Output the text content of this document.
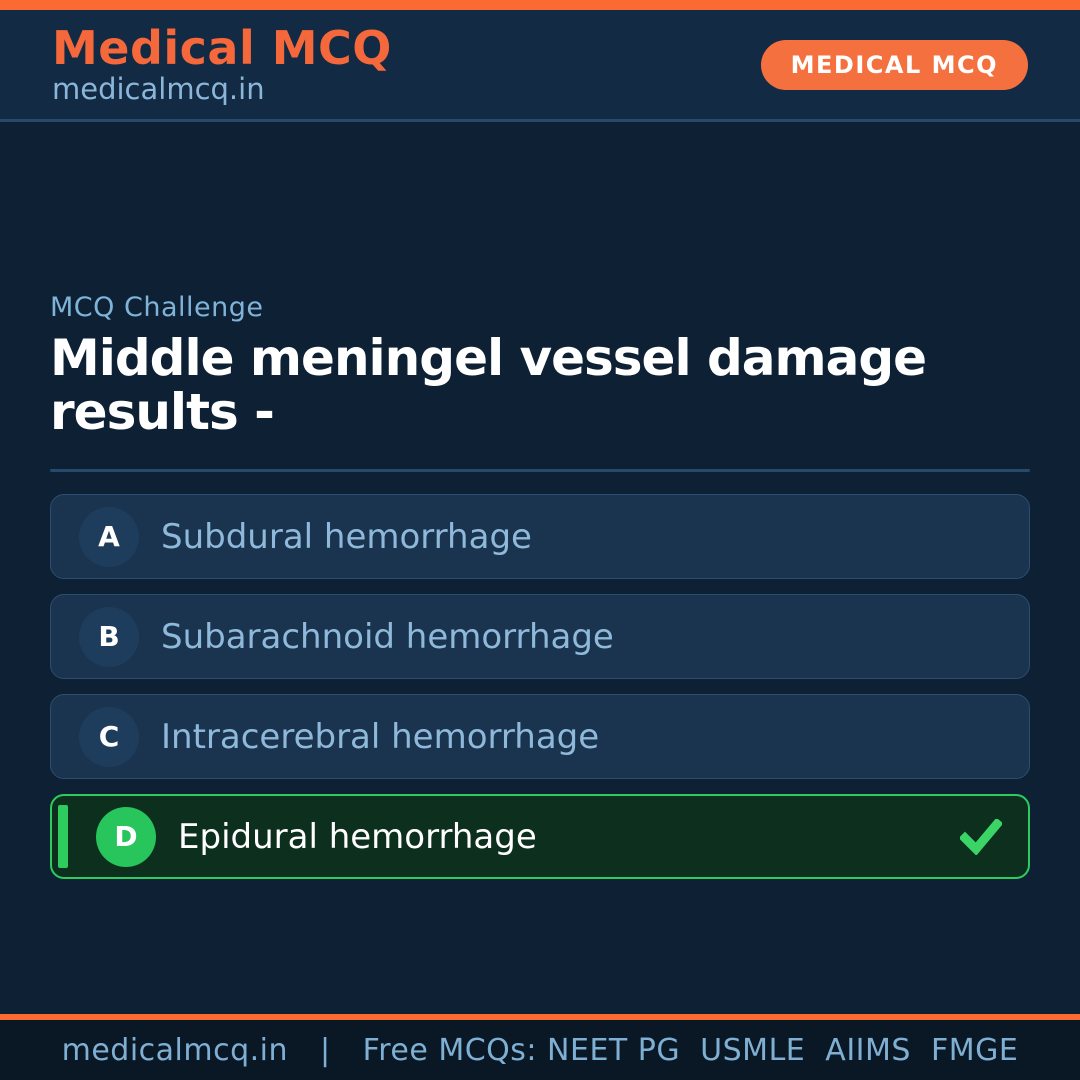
Medical MCQ
medicalmcq.in
MEDICAL MCQ
MCQ Challenge
Middle meningel vessel damage results -
A Subdural hemorrhage
B Subarachnoid hemorrhage
C Intracerebral hemorrhage
D Epidural hemorrhage
medicalmcq.in | Free MCQs: NEET PG  USMLE  AIIMS  FMGE
